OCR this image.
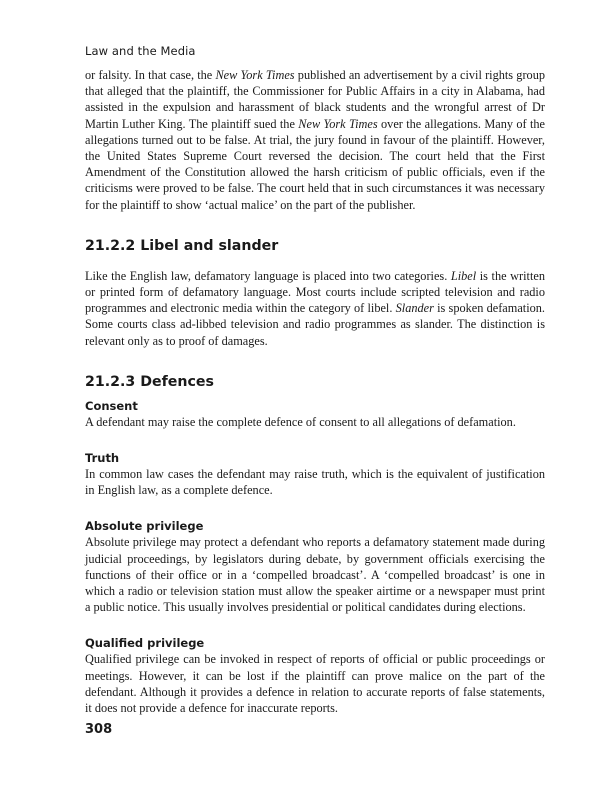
Law and the Media

or falsity. In that case, the New York Times published an advertisement by a civil rights group that alleged that the plaintiff, the Commissioner for Public Affairs in a city in Alabama, had assisted in the expulsion and harassment of black students and the wrongful arrest of Dr Martin Luther King. The plaintiff sued the New York Times over the allegations. Many of the allegations turned out to be false. At trial, the jury found in favour of the plaintiff. However, the United States Supreme Court reversed the decision. The court held that the First Amendment of the Constitution allowed the harsh criticism of public officials, even if the criticisms were proved to be false. The court held that in such circumstances it was necessary for the plaintiff to show ‘actual malice’ on the part of the publisher.

21.2.2 Libel and slander

Like the English law, defamatory language is placed into two categories. Libel is the written or printed form of defamatory language. Most courts include scripted television and radio programmes and electronic media within the category of libel. Slander is spoken defamation. Some courts class ad-libbed television and radio programmes as slander. The distinction is relevant only as to proof of damages.

21.2.3 Defences
Consent

A defendant may raise the complete defence of consent to all allegations of defamation.

Truth

In common law cases the defendant may raise truth, which is the equivalent of justification in English law, as a complete defence.

Absolute privilege

Absolute privilege may protect a defendant who reports a defamatory statement made during judicial proceedings, by legislators during debate, by government officials exercising the functions of their office or in a ‘compelled broadcast’. A ‘compelled broadcast’ is one in which a radio or television station must allow the speaker airtime or a newspaper must print a public notice. This usually involves presidential or political candidates during elections.

Qualified privilege

Qualified privilege can be invoked in respect of reports of official or public proceedings or meetings. However, it can be lost if the plaintiff can prove malice on the part of the defendant. Although it provides a defence in relation to accurate reports of false statements, it does not provide a defence for inaccurate reports.

308
